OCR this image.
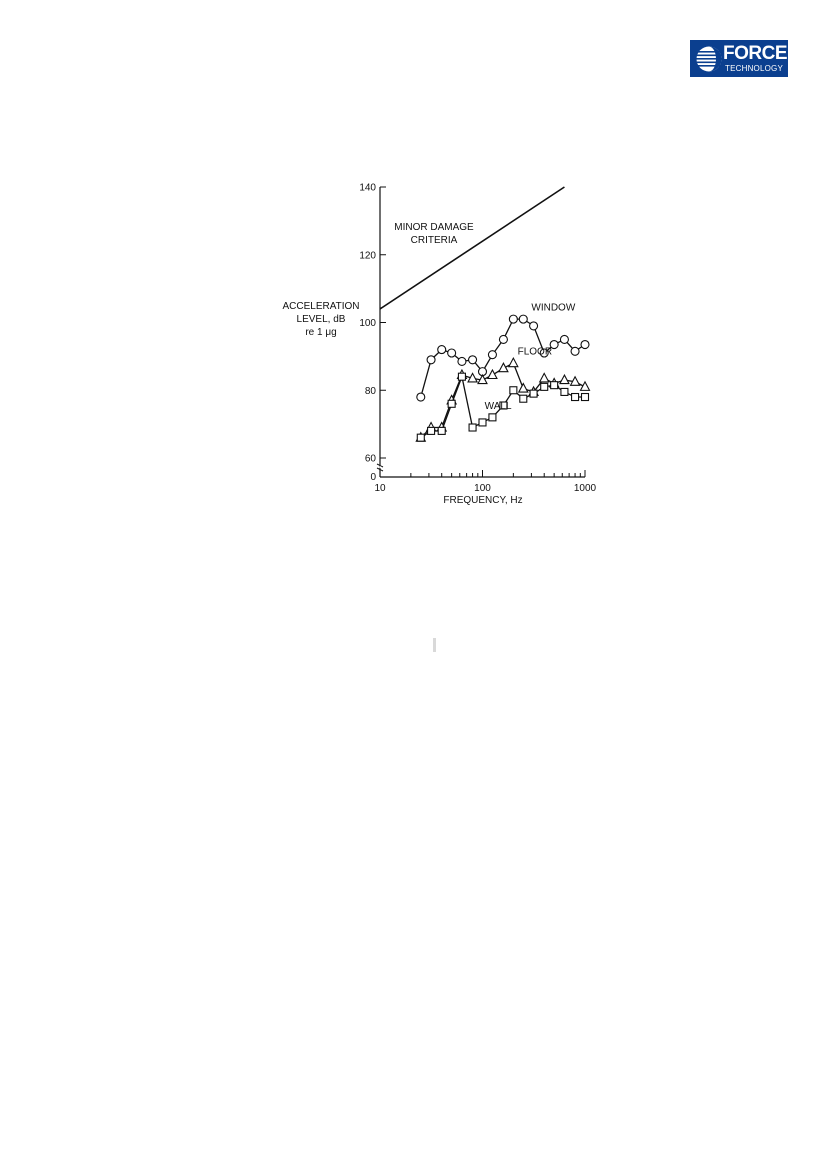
FORCE
TECHNOLOGY
60
80
100
120
140
0
10	100	1000
ACCELERATION
LEVEL, dB
re 1 μg
FREQUENCY, Hz
MINOR DAMAGE
CRITERIA
WINDOW
FLOOR
WALL
